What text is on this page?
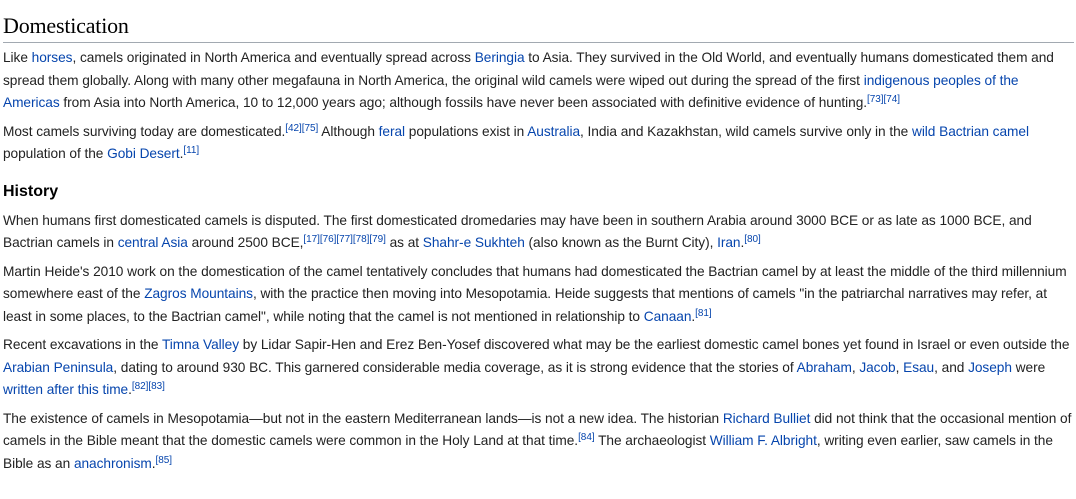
Domestication

Like horses, camels originated in North America and eventually spread across Beringia to Asia. They survived in the Old World, and eventually humans domesticated them and spread them globally. Along with many other megafauna in North America, the original wild camels were wiped out during the spread of the first indigenous peoples of the Americas from Asia into North America, 10 to 12,000 years ago; although fossils have never been associated with definitive evidence of hunting.[73][74]

Most camels surviving today are domesticated.[42][75] Although feral populations exist in Australia, India and Kazakhstan, wild camels survive only in the wild Bactrian camel population of the Gobi Desert.[11]

History

When humans first domesticated camels is disputed. The first domesticated dromedaries may have been in southern Arabia around 3000 BCE or as late as 1000 BCE, and Bactrian camels in central Asia around 2500 BCE,[17][76][77][78][79] as at Shahr-e Sukhteh (also known as the Burnt City), Iran.[80]

Martin Heide's 2010 work on the domestication of the camel tentatively concludes that humans had domesticated the Bactrian camel by at least the middle of the third millennium somewhere east of the Zagros Mountains, with the practice then moving into Mesopotamia. Heide suggests that mentions of camels "in the patriarchal narratives may refer, at least in some places, to the Bactrian camel", while noting that the camel is not mentioned in relationship to Canaan.[81]

Recent excavations in the Timna Valley by Lidar Sapir-Hen and Erez Ben-Yosef discovered what may be the earliest domestic camel bones yet found in Israel or even outside the Arabian Peninsula, dating to around 930 BC. This garnered considerable media coverage, as it is strong evidence that the stories of Abraham, Jacob, Esau, and Joseph were written after this time.[82][83]

The existence of camels in Mesopotamia—but not in the eastern Mediterranean lands—is not a new idea. The historian Richard Bulliet did not think that the occasional mention of camels in the Bible meant that the domestic camels were common in the Holy Land at that time.[84] The archaeologist William F. Albright, writing even earlier, saw camels in the Bible as an anachronism.[85]
